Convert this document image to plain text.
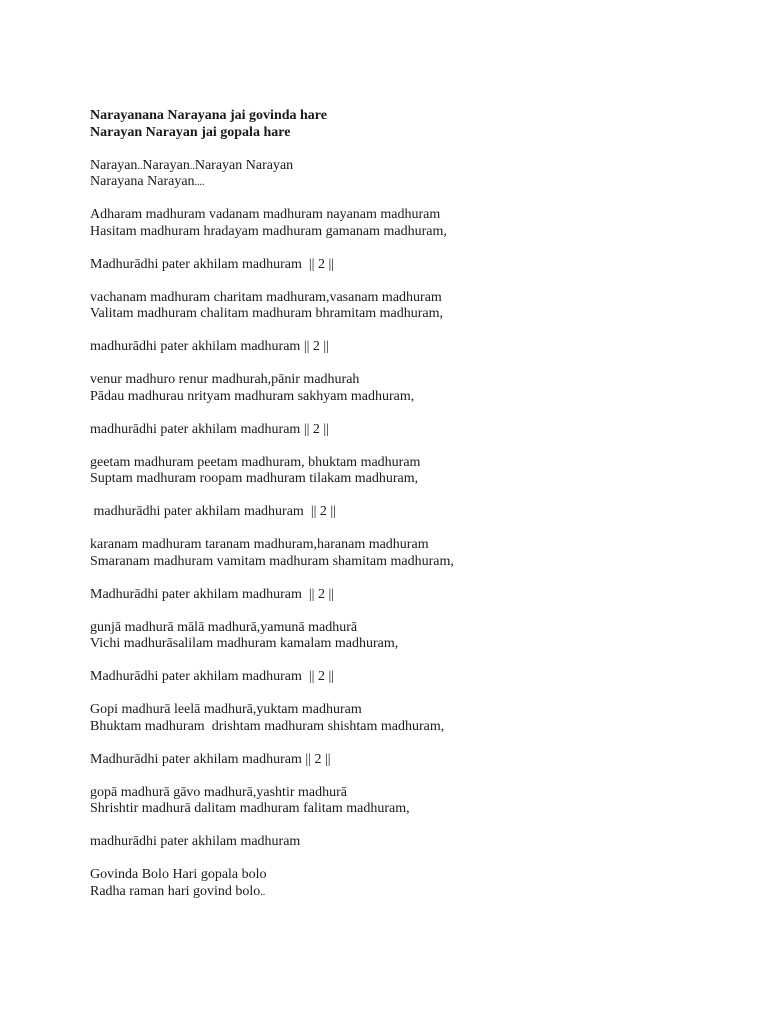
Narayanana Narayana jai govinda hare
Narayan Narayan jai gopala hare
Narayan..Narayan..Narayan Narayan
Narayana Narayan....
Adharam madhuram vadanam madhuram nayanam madhuram
Hasitam madhuram hradayam madhuram gamanam madhuram,
Madhurādhi pater akhilam madhuram  || 2 ||
vachanam madhuram charitam madhuram,vasanam madhuram
Valitam madhuram chalitam madhuram bhramitam madhuram,
madhurādhi pater akhilam madhuram || 2 ||
venur madhuro renur madhurah,pānir madhurah
Pādau madhurau nrityam madhuram sakhyam madhuram,
madhurādhi pater akhilam madhuram || 2 ||
geetam madhuram peetam madhuram, bhuktam madhuram
Suptam madhuram roopam madhuram tilakam madhuram,
madhurādhi pater akhilam madhuram  || 2 ||
karanam madhuram taranam madhuram,haranam madhuram
Smaranam madhuram vamitam madhuram shamitam madhuram,
Madhurādhi pater akhilam madhuram  || 2 ||
gunjā madhurā mālā madhurā,yamunā madhurā
Vichi madhurāsalilam madhuram kamalam madhuram,
Madhurādhi pater akhilam madhuram  || 2 ||
Gopi madhurā leelā madhurā,yuktam madhuram
Bhuktam madhuram  drishtam madhuram shishtam madhuram,
Madhurādhi pater akhilam madhuram || 2 ||
gopā madhurā gāvo madhurā,yashtir madhurā
Shrishtir madhurā dalitam madhuram falitam madhuram,
madhurādhi pater akhilam madhuram
Govinda Bolo Hari gopala bolo
Radha raman hari govind bolo..
